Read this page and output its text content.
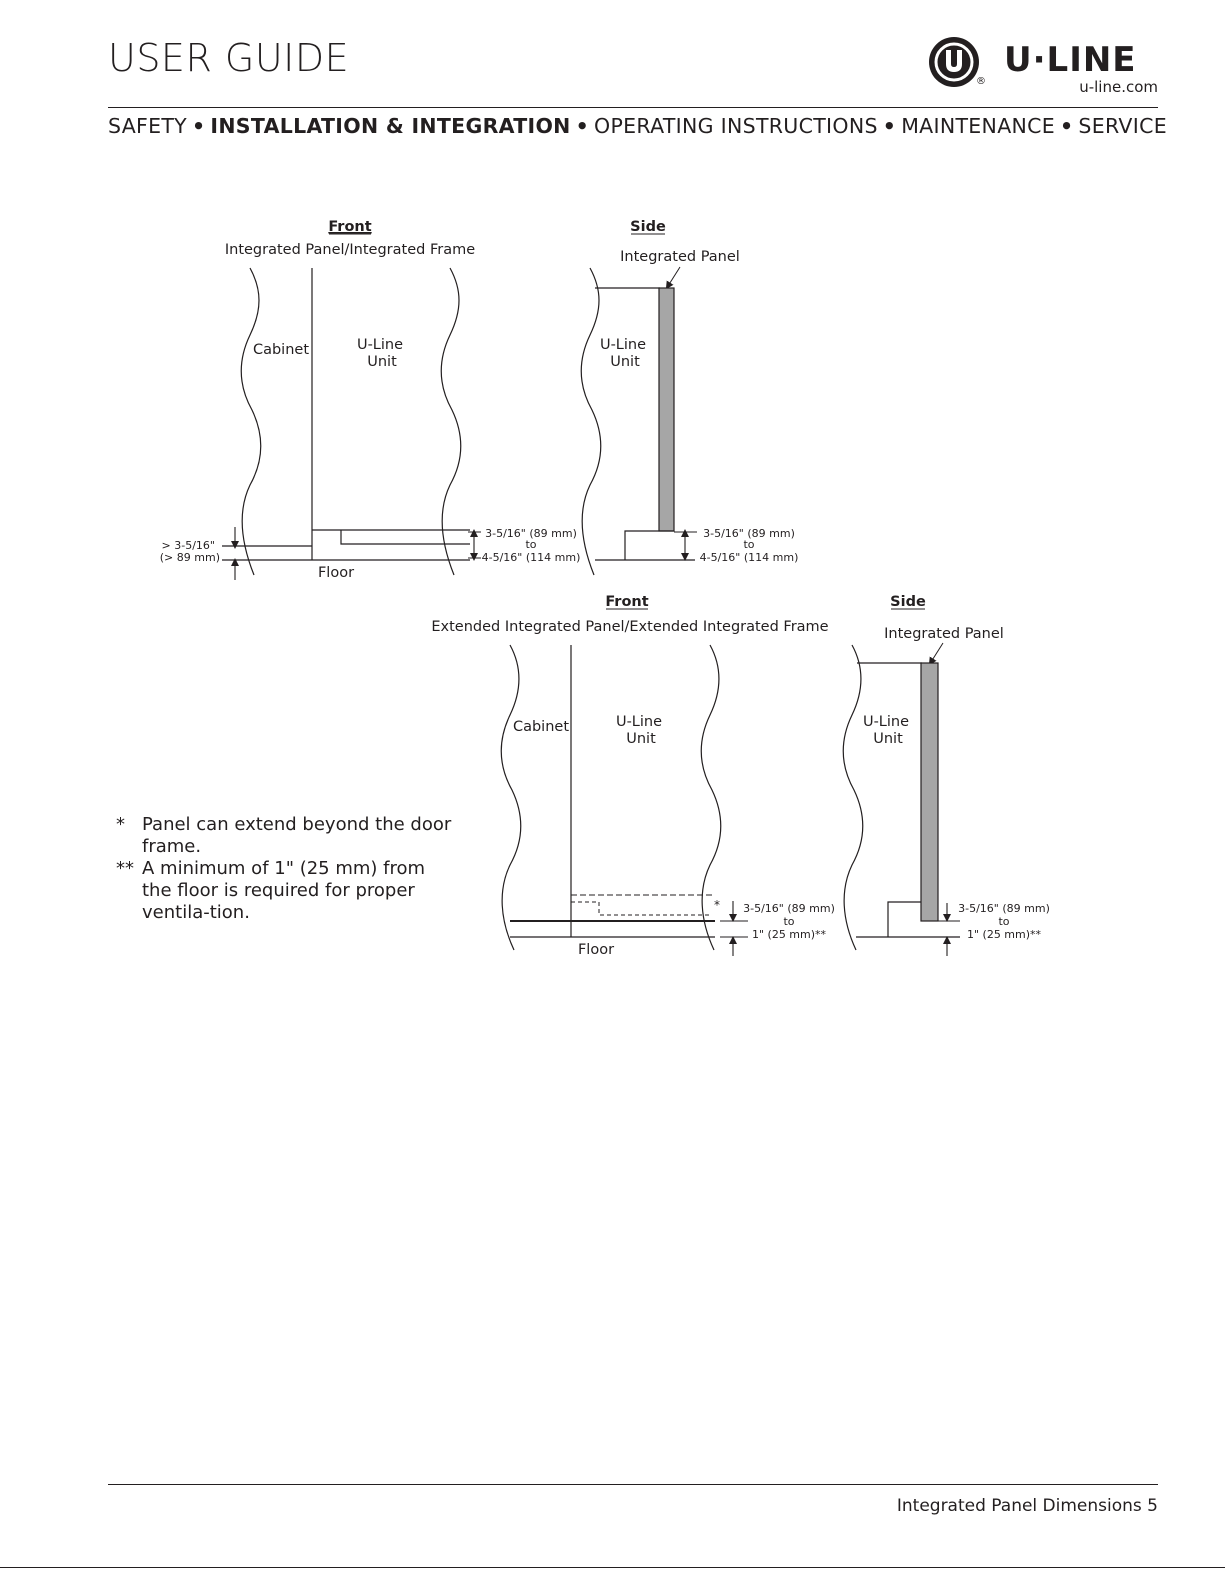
USER GUIDE
®
U·LINE
u-line.com
SAFETY • INSTALLATION & INTEGRATION • OPERATING INSTRUCTIONS • MAINTENANCE • SERVICE
Front
Integrated Panel/Integrated Frame
Cabinet	U-Line
Unit
> 3-5/16"
(> 89 mm)
Floor
3-5/16" (89 mm)
to
4-5/16" (114 mm)
Side
Integrated Panel
U-Line
Unit
3-5/16" (89 mm)
to
4-5/16" (114 mm)
Front
Extended Integrated Panel/Extended Integrated Frame
Cabinet	U-Line
Unit
*
Floor
3-5/16" (89 mm)
to
1" (25 mm)**
Side
Integrated Panel
U-Line
Unit
3-5/16" (89 mm)
to
1" (25 mm)**
* Panel can extend beyond the door frame.
** A minimum of 1" (25 mm) from the floor is required for proper ventila-tion.
Integrated Panel Dimensions 5
